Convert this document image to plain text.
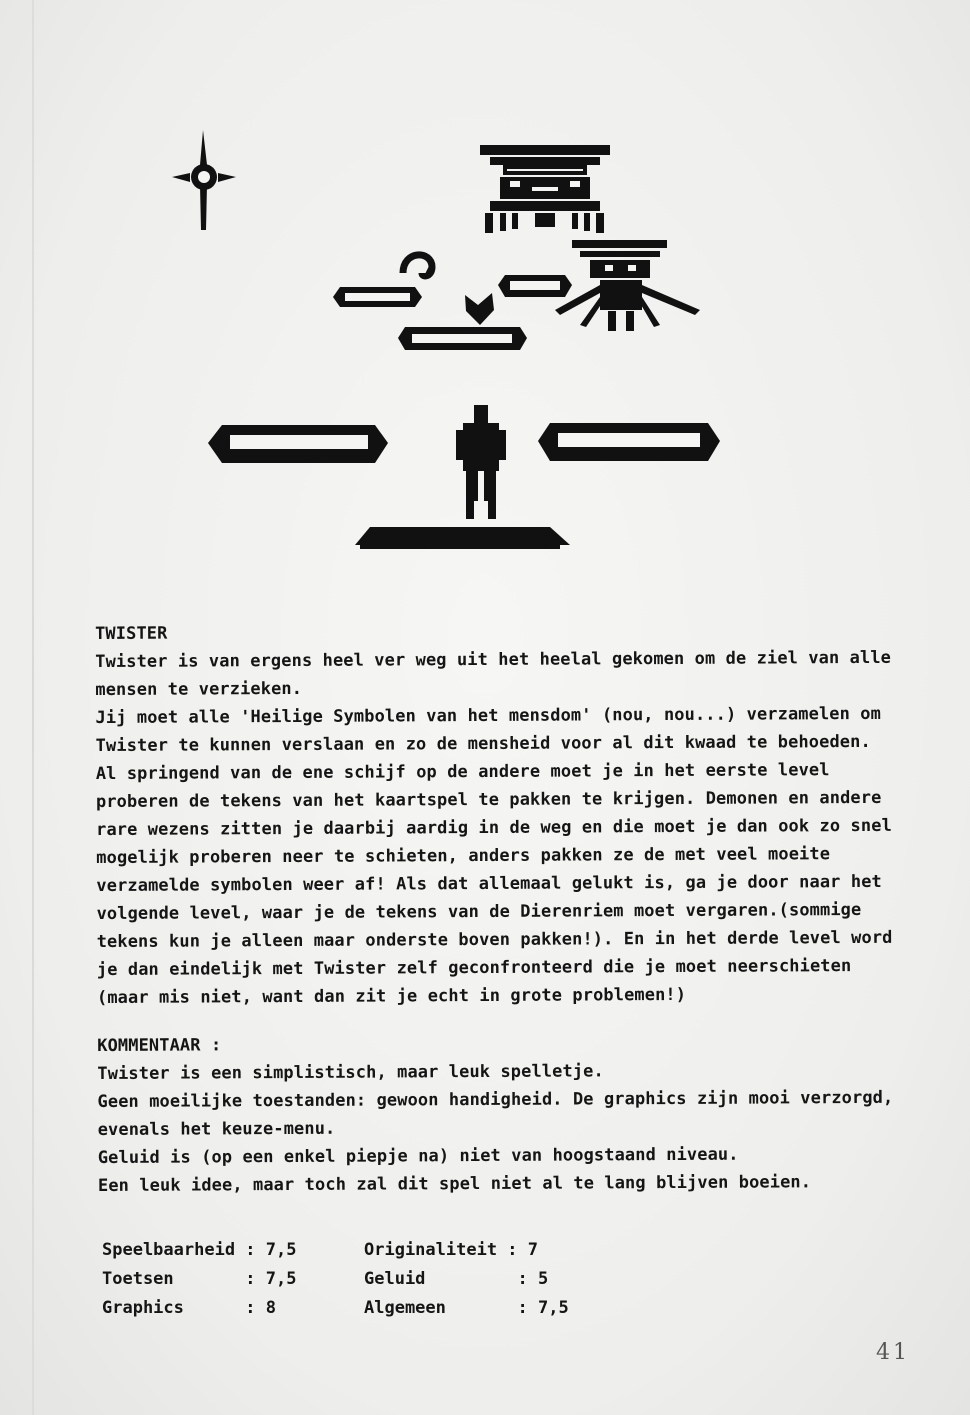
TWISTER

Twister is van ergens heel ver weg uit het heelal gekomen om de ziel van alle mensen te verzieken.

Jij moet alle 'Heilige Symbolen van het mensdom' (nou, nou...) verzamelen om Twister te kunnen verslaan en zo de mensheid voor al dit kwaad te behoeden.

Al springend van de ene schijf op de andere moet je in het eerste level proberen de tekens van het kaartspel te pakken te krijgen. Demonen en andere rare wezens zitten je daarbij aardig in de weg en die moet je dan ook zo snel mogelijk proberen neer te schieten, anders pakken ze de met veel moeite verzamelde symbolen weer af! Als dat allemaal gelukt is, ga je door naar het volgende level, waar je de tekens van de Dierenriem moet vergaren.(sommige tekens kun je alleen maar onderste boven pakken!). En in het derde level word je dan eindelijk met Twister zelf geconfronteerd die je moet neerschieten (maar mis niet, want dan zit je echt in grote problemen!)

KOMMENTAAR :

Twister is een simplistisch, maar leuk spelletje.

Geen moeilijke toestanden: gewoon handigheid. De graphics zijn mooi verzorgd, evenals het keuze-menu.

Geluid is (op een enkel piepje na) niet van hoogstaand niveau.

Een leuk idee, maar toch zal dit spel niet al te lang blijven boeien.

Speelbaarheid : 7,5	Originaliteit : 7
Toetsen       : 7,5	Geluid         : 5
Graphics      : 8	Algemeen       : 7,5
41
